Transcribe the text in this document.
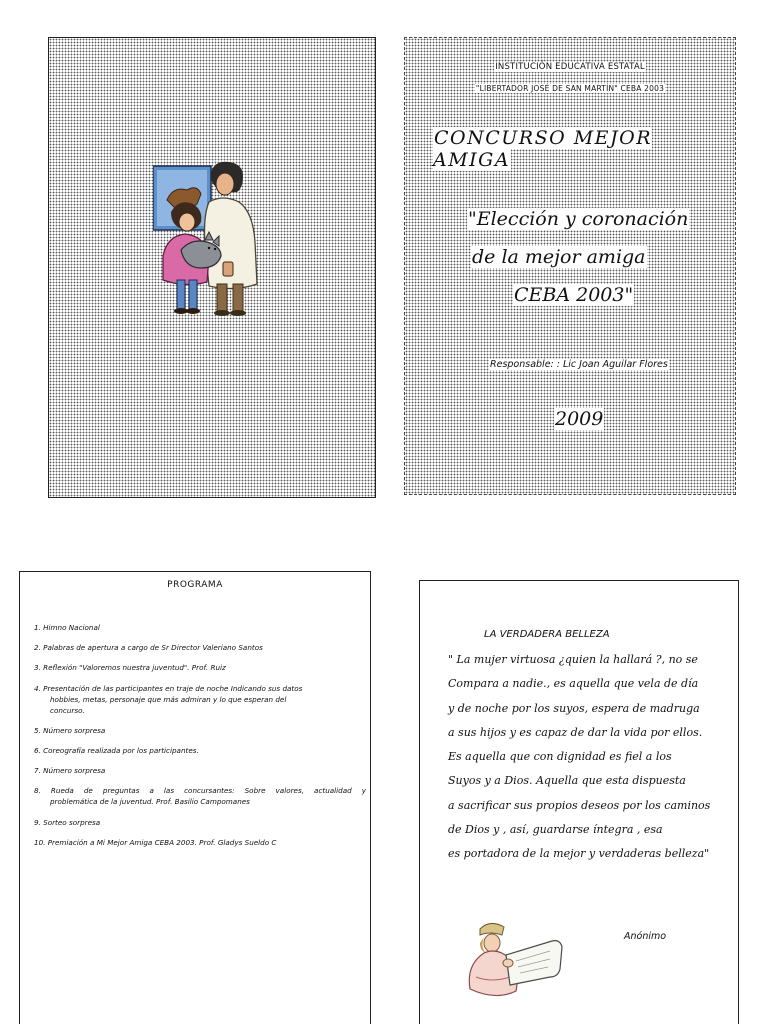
INSTITUCIÓN EDUCATIVA ESTATAL
"LIBERTADOR JOSÉ DE SAN MARTÍN" CEBA 2003
CONCURSO MEJOR AMIGA
"Elección y coronación
de la mejor amiga
CEBA 2003"
Responsable: : Lic Joan Aguilar Flores
2009
PROGRAMA
1. Himno Nacional
2. Palabras de apertura a cargo de Sr Director Valeriano Santos
3. Reflexión "Valoremos nuestra juventud". Prof. Ruiz
4. Presentación de las participantes en traje de noche Indicando sus datos
hobbies, metas, personaje que más admiran y lo que esperan del
concurso.
5. Número sorpresa
6. Coreografía realizada por los participantes.
7. Número sorpresa
8. Rueda de preguntas a las concursantes: Sobre valores, actualidad y
problemática de la juventud. Prof. Basilio Campomanes
9. Sorteo sorpresa
10. Premiación a Mi Mejor Amiga CEBA 2003. Prof. Gladys Sueldo C
LA VERDADERA BELLEZA
" La mujer virtuosa ¿quien la hallará ?, no se
Compara a nadie., es aquella que vela de día
y de noche por los suyos, espera de madruga
a sus hijos y es capaz de dar la vida por ellos.
Es aquella que con dignidad es fiel a los
Suyos y a Dios. Aquella que esta dispuesta
a sacrificar sus propios deseos por los caminos
de Dios y , así, guardarse íntegra , esa
es portadora de la mejor y verdaderas belleza"
Anónimo
